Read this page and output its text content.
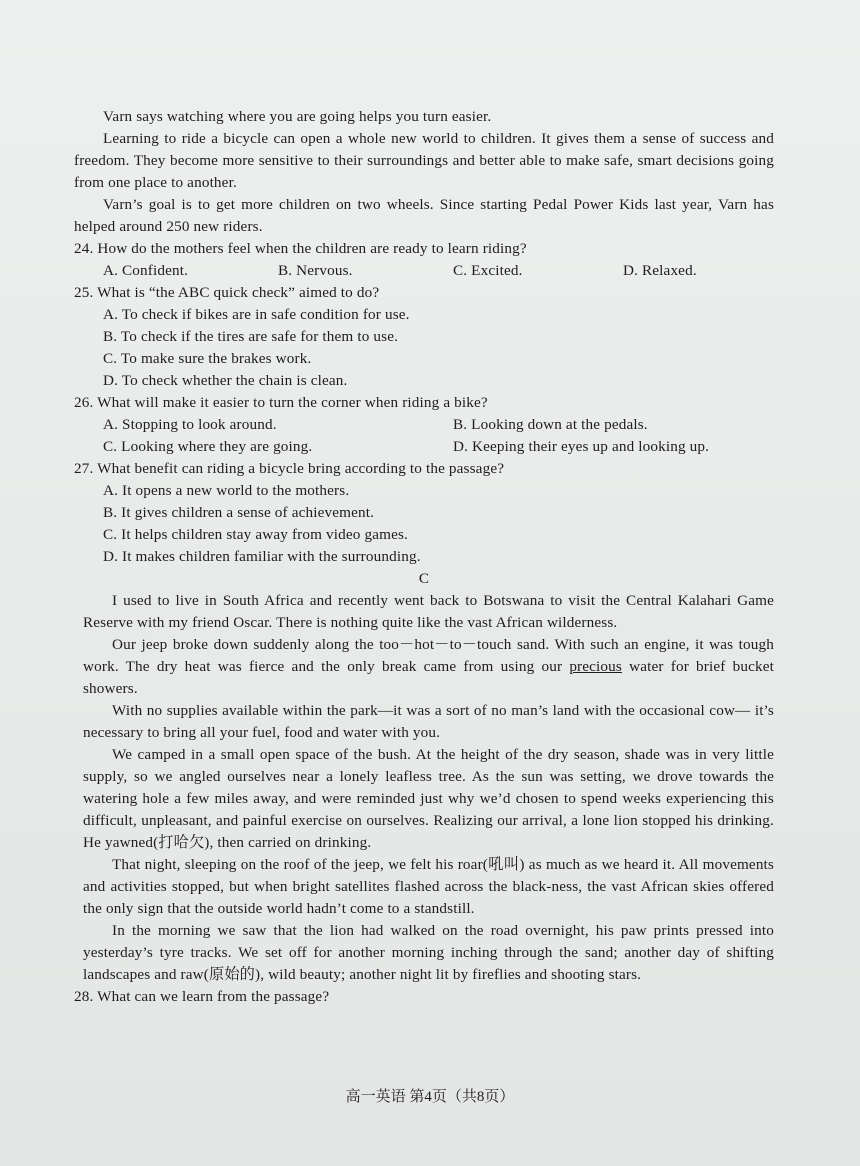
Varn says watching where you are going helps you turn easier.

Learning to ride a bicycle can open a whole new world to children. It gives them a sense of success and freedom. They become more sensitive to their surroundings and better able to make safe, smart decisions going from one place to another.

Varn’s goal is to get more children on two wheels. Since starting Pedal Power Kids last year, Varn has helped around 250 new riders.

24. How do the mothers feel when the children are ready to learn riding?

A. Confident.	B. Nervous.	C. Excited.	D. Relaxed.

25. What is “the ABC quick check” aimed to do?

A. To check if bikes are in safe condition for use.

B. To check if the tires are safe for them to use.

C. To make sure the brakes work.

D. To check whether the chain is clean.

26. What will make it easier to turn the corner when riding a bike?

A. Stopping to look around.	B. Looking down at the pedals.
C. Looking where they are going.	D. Keeping their eyes up and looking up.

27. What benefit can riding a bicycle bring according to the passage?

A. It opens a new world to the mothers.

B. It gives children a sense of achievement.

C. It helps children stay away from video games.

D. It makes children familiar with the surrounding.

C

I used to live in South Africa and recently went back to Botswana to visit the Central Kalahari Game Reserve with my friend Oscar. There is nothing quite like the vast African wilderness.

Our jeep broke down suddenly along the too－hot－to－touch sand. With such an engine, it was tough work. The dry heat was fierce and the only break came from using our precious water for brief bucket showers.

With no supplies available within the park—it was a sort of no man’s land with the occasional cow— it’s necessary to bring all your fuel, food and water with you.

We camped in a small open space of the bush. At the height of the dry season, shade was in very little supply, so we angled ourselves near a lonely leafless tree. As the sun was setting, we drove towards the watering hole a few miles away, and were reminded just why we’d chosen to spend weeks experiencing this difficult, unpleasant, and painful exercise on ourselves. Realizing our arrival, a lone lion stopped his drinking. He yawned(打哈欠), then carried on drinking.

That night, sleeping on the roof of the jeep, we felt his roar(吼叫) as much as we heard it. All movements and activities stopped, but when bright satellites flashed across the black-ness, the vast African skies offered the only sign that the outside world hadn’t come to a standstill.

In the morning we saw that the lion had walked on the road overnight, his paw prints pressed into yesterday’s tyre tracks. We set off for another morning inching through the sand; another day of shifting landscapes and raw(原始的), wild beauty; another night lit by fireflies and shooting stars.

28. What can we learn from the passage?

高一英语 第4页（共8页）
